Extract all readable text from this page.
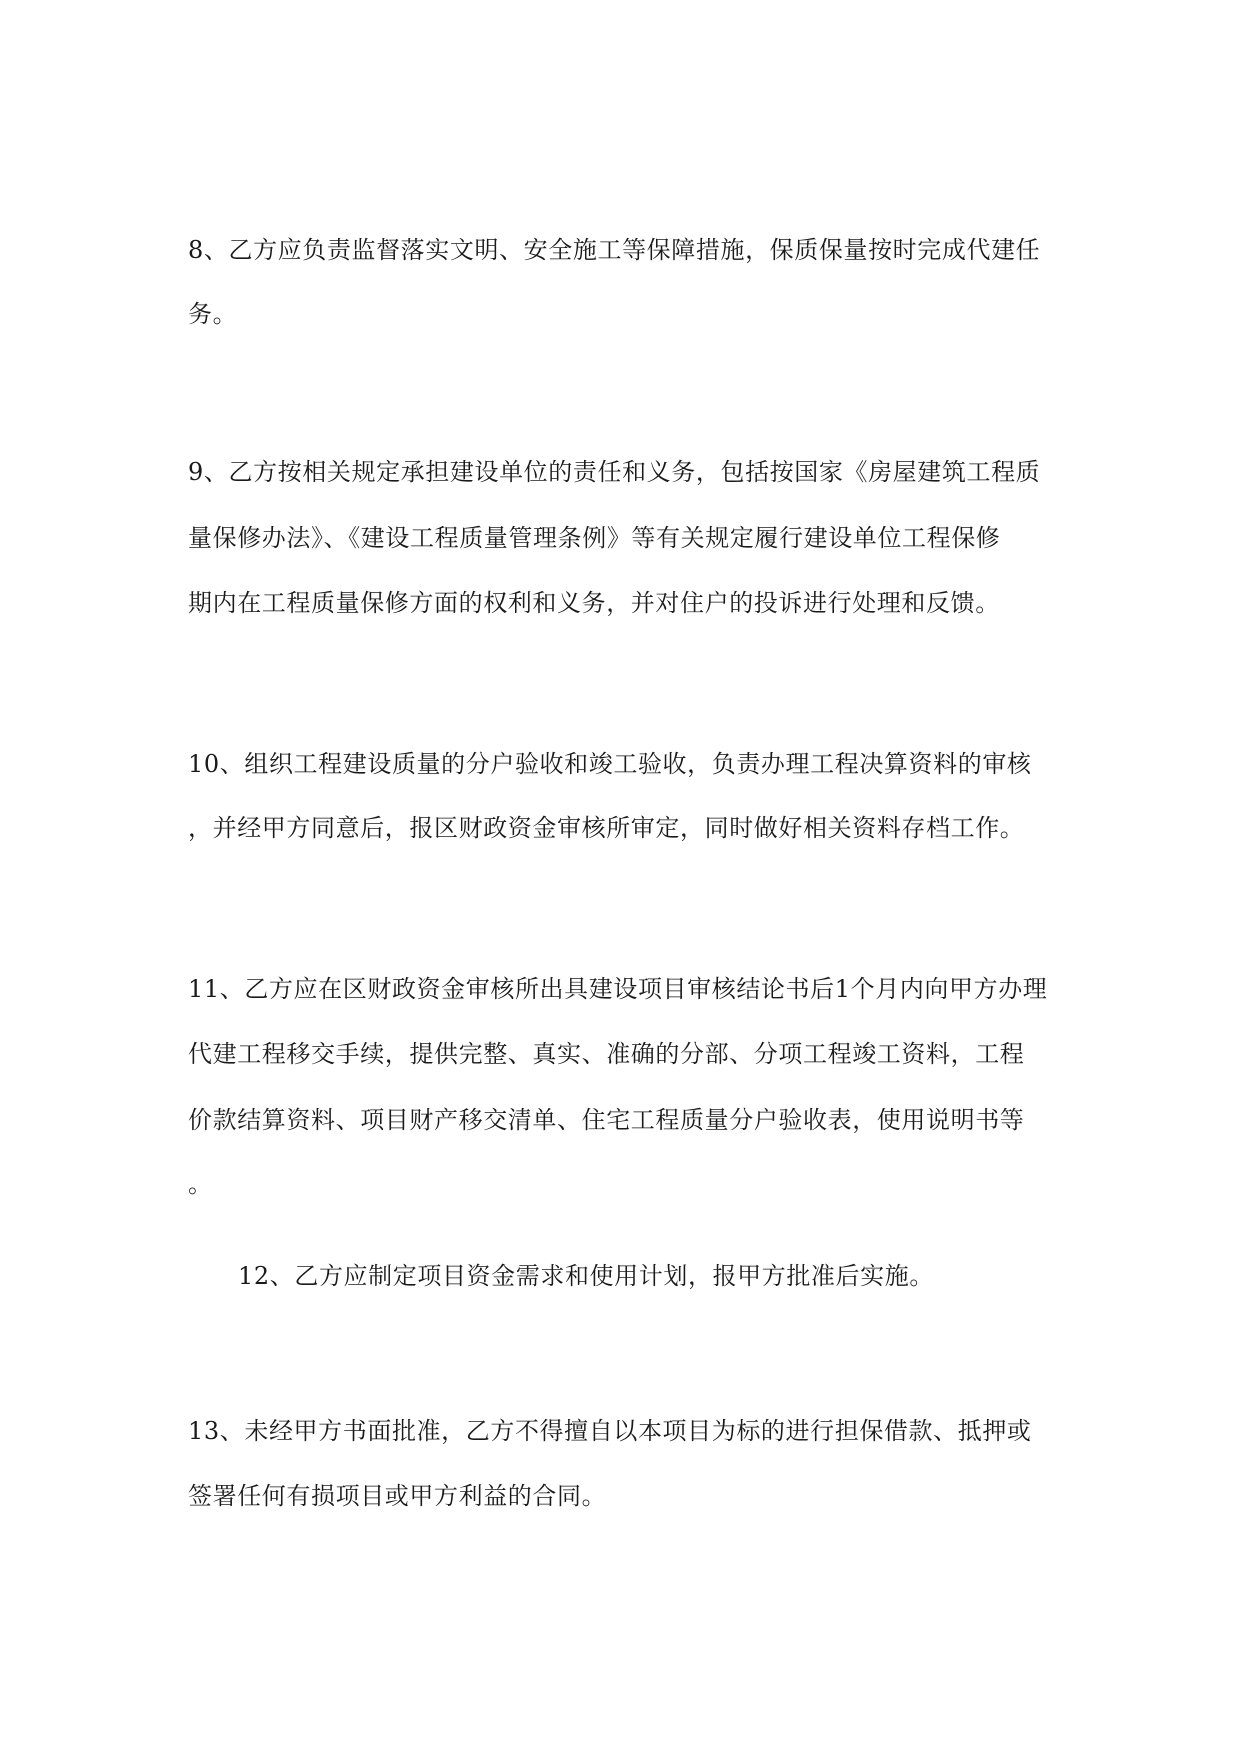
8、乙方应负责监督落实文明、安全施工等保障措施，保质保量按时完成代建任
务。
9、乙方按相关规定承担建设单位的责任和义务，包括按国家《房屋建筑工程质
量保修办法》、《建设工程质量管理条例》等有关规定履行建设单位工程保修
期内在工程质量保修方面的权利和义务，并对住户的投诉进行处理和反馈。
10、组织工程建设质量的分户验收和竣工验收，负责办理工程决算资料的审核
，并经甲方同意后，报区财政资金审核所审定，同时做好相关资料存档工作。
11、乙方应在区财政资金审核所出具建设项目审核结论书后1个月内向甲方办理
代建工程移交手续，提供完整、真实、准确的分部、分项工程竣工资料，工程
价款结算资料、项目财产移交清单、住宅工程质量分户验收表，使用说明书等
。
12、乙方应制定项目资金需求和使用计划，报甲方批准后实施。
13、未经甲方书面批准，乙方不得擅自以本项目为标的进行担保借款、抵押或
签署任何有损项目或甲方利益的合同。
